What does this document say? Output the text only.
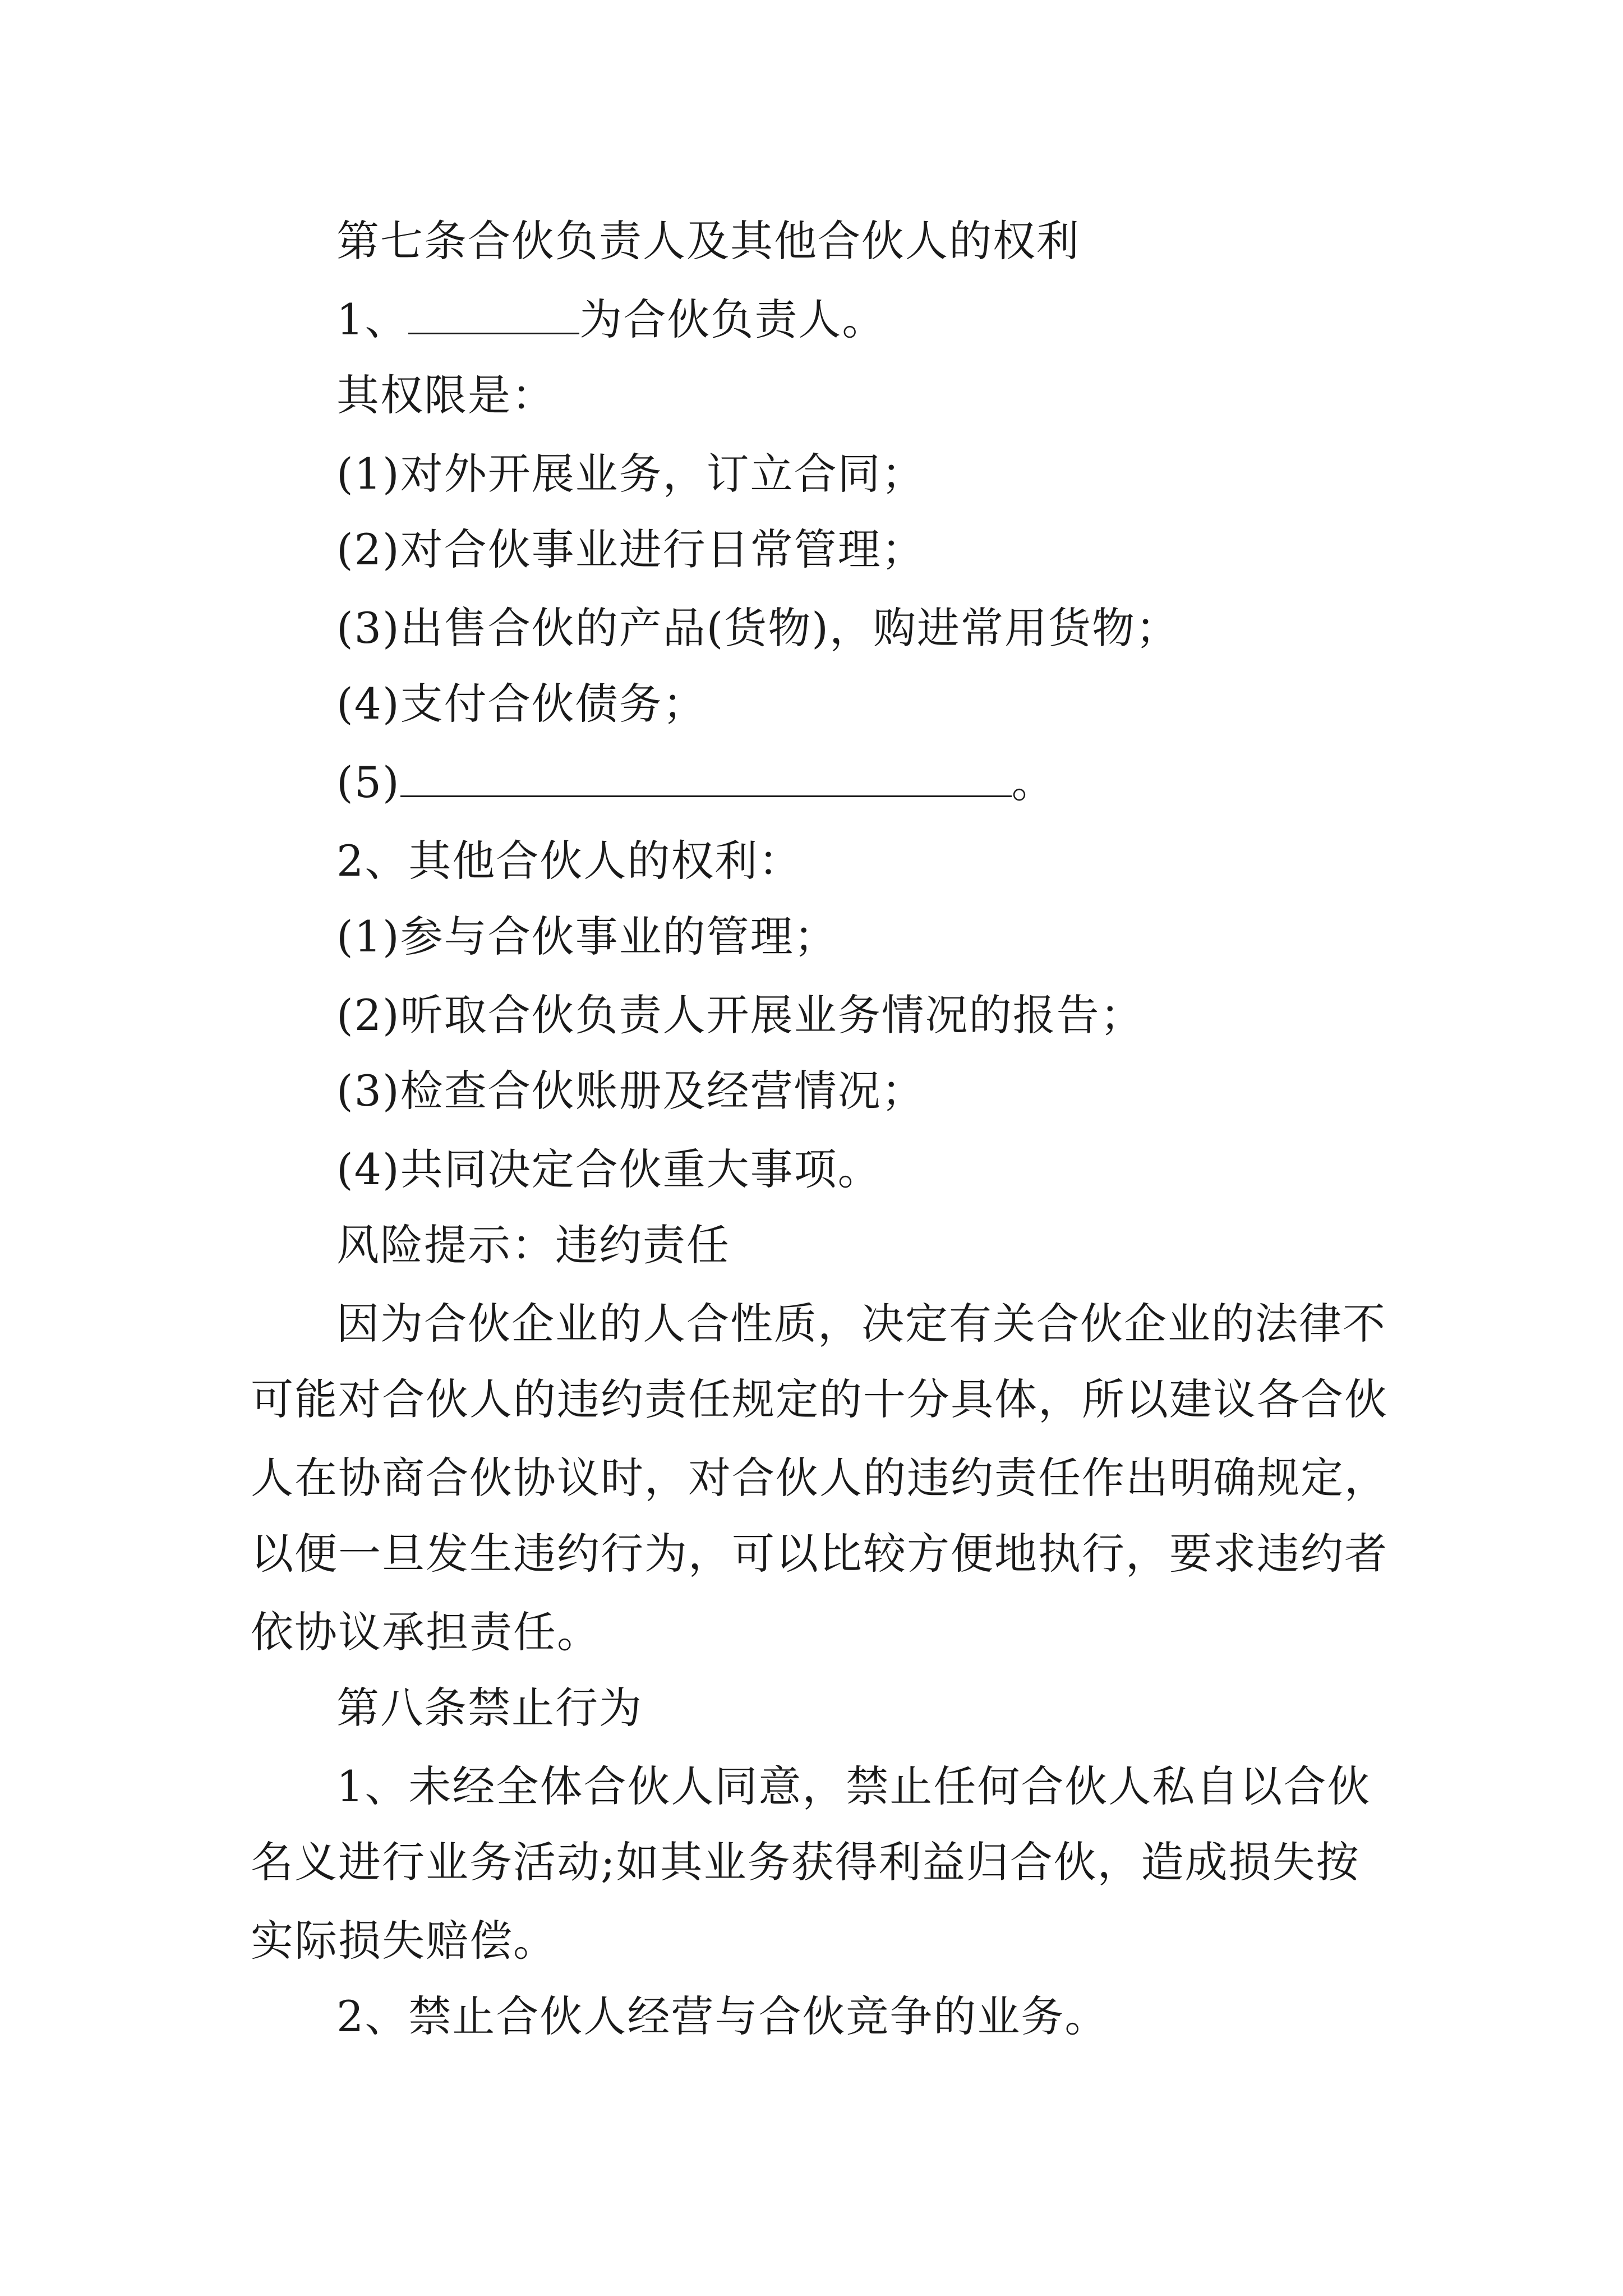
第七条合伙负责人及其他合伙人的权利
1、	为合伙负责人。
其权限是：
(1)对外开展业务，订立合同；
(2)对合伙事业进行日常管理；
(3)出售合伙的产品(货物)，购进常用货物；
(4)支付合伙债务；
(5)	。
2、其他合伙人的权利：
(1)参与合伙事业的管理；
(2)听取合伙负责人开展业务情况的报告；
(3)检查合伙账册及经营情况；
(4)共同决定合伙重大事项。
风险提示：违约责任
因为合伙企业的人合性质，决定有关合伙企业的法律不
可能对合伙人的违约责任规定的十分具体，所以建议各合伙
人在协商合伙协议时，对合伙人的违约责任作出明确规定，
以便一旦发生违约行为，可以比较方便地执行，要求违约者
依协议承担责任。
第八条禁止行为
1、未经全体合伙人同意，禁止任何合伙人私自以合伙
名义进行业务活动;如其业务获得利益归合伙，造成损失按
实际损失赔偿。
2、禁止合伙人经营与合伙竞争的业务。
